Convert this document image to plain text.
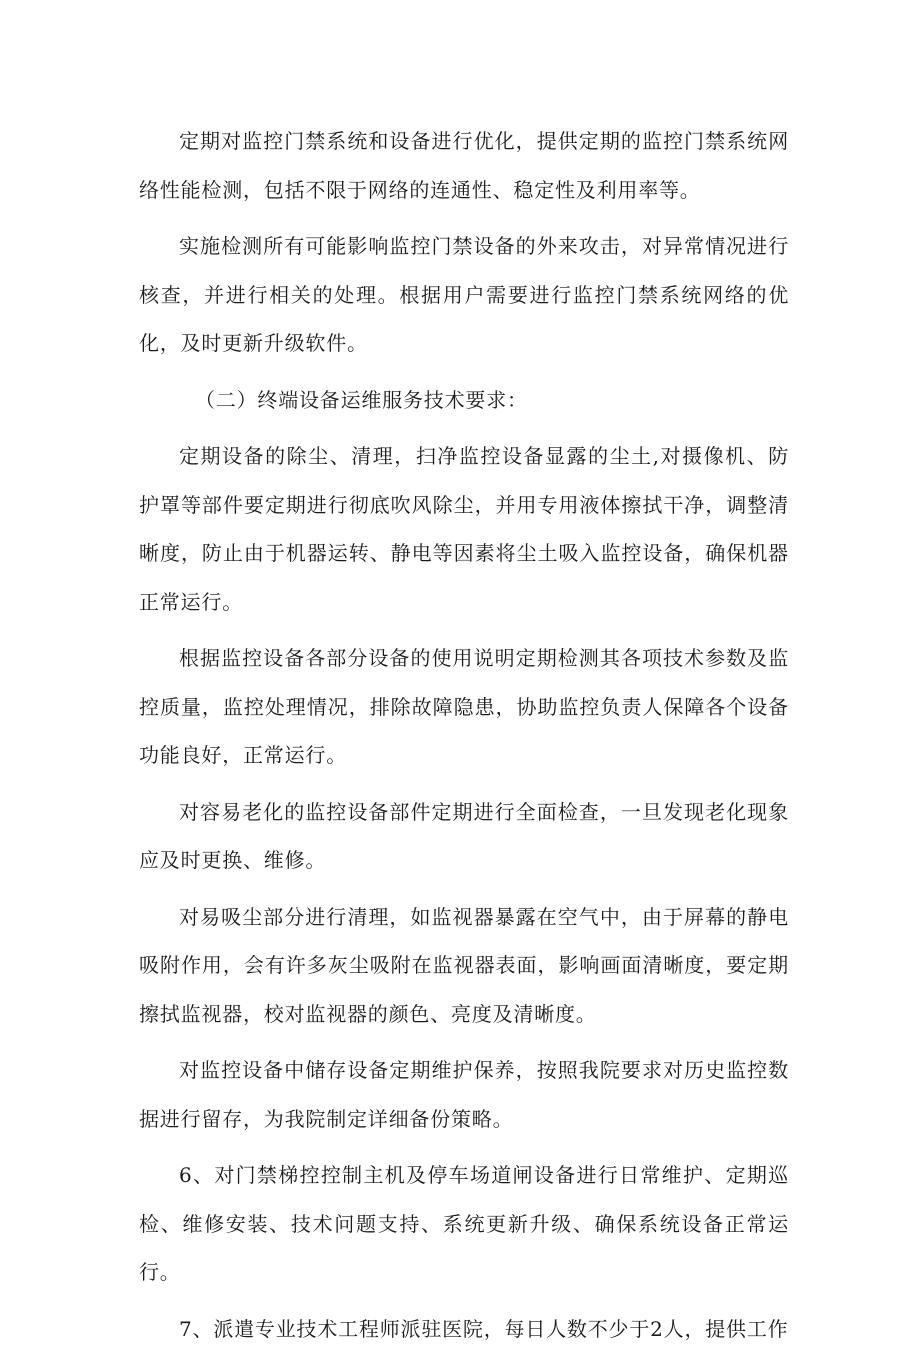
定期对监控门禁系统和设备进行优化，提供定期的监控门禁系统网络性能检测，包括不限于网络的连通性、稳定性及利用率等。

实施检测所有可能影响监控门禁设备的外来攻击，对异常情况进行核查，并进行相关的处理。根据用户需要进行监控门禁系统网络的优化，及时更新升级软件。

（二）终端设备运维服务技术要求：

定期设备的除尘、清理，扫净监控设备显露的尘土,对摄像机、防护罩等部件要定期进行彻底吹风除尘，并用专用液体擦拭干净，调整清晰度，防止由于机器运转、静电等因素将尘土吸入监控设备，确保机器正常运行。

根据监控设备各部分设备的使用说明定期检测其各项技术参数及监控质量，监控处理情况，排除故障隐患，协助监控负责人保障各个设备功能良好，正常运行。

对容易老化的监控设备部件定期进行全面检查，一旦发现老化现象应及时更换、维修。

对易吸尘部分进行清理，如监视器暴露在空气中，由于屏幕的静电吸附作用，会有许多灰尘吸附在监视器表面，影响画面清晰度，要定期擦拭监视器，校对监视器的颜色、亮度及清晰度。

对监控设备中储存设备定期维护保养，按照我院要求对历史监控数据进行留存，为我院制定详细备份策略。

6、对门禁梯控控制主机及停车场道闸设备进行日常维护、定期巡检、维修安装、技术问题支持、系统更新升级、确保系统设备正常运行。

7、派遣专业技术工程师派驻医院，每日人数不少于2人，提供工作
